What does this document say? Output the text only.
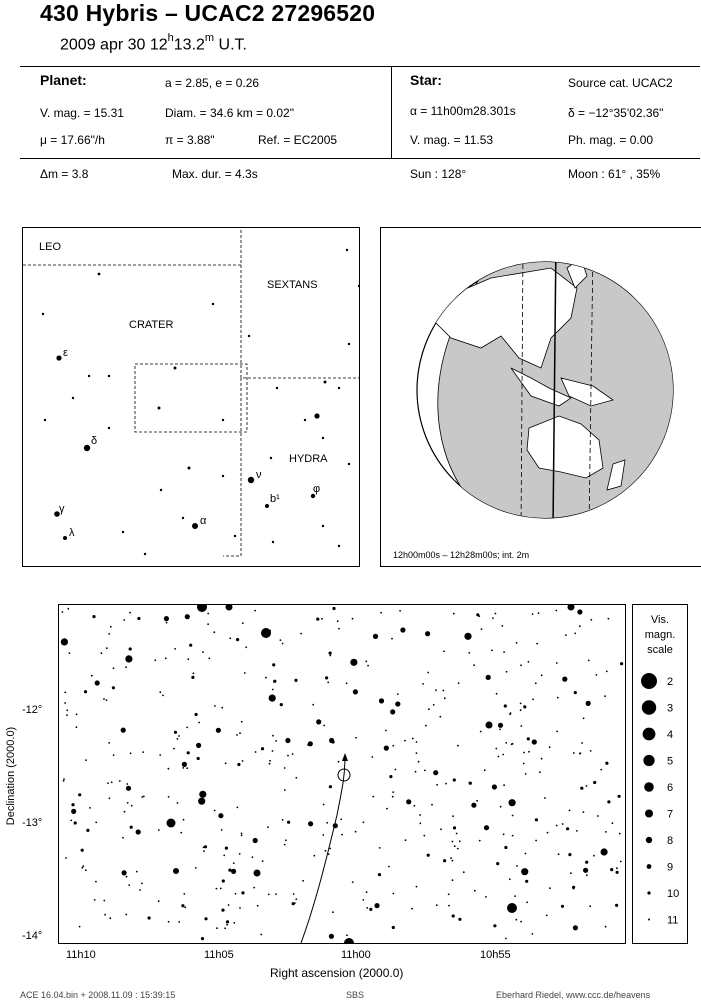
430 Hybris – UCAC2 27296520
2009 apr 30 12$^h$13.2$^m$ U.T.
Planet:	a = 2.85, e = 0.26
V. mag. = 15.31	Diam. = 34.6 km = 0.02"
μ = 17.66"/h	π = 3.88"	Ref. = EC2005
Δm = 3.8	Max. dur. = 4.3s
Star:	Source cat. UCAC2
α = 11h00m28.301s	δ = −12°35'02.36"
V. mag. = 11.53	Ph. mag. = 0.00
Sun : 128°	Moon : 61° , 35%
LEO
SEXTANS
CRATER
HYDRA
ε
δ
γ
λ
α
ν
b¹
φ
12h00m00s – 12h28m00s; int. 2m
Declination (2000.0)
-12°
-13°
-14°
11h10	11h05	11h00	10h55
Right ascension (2000.0)
Vis.
magn.
scale
2
3
4
5
6
7
8
9
10
11
ACE 16.04.bin + 2008.11.09 : 15:39:15	SBS	Eberhard Riedel, www.ccc.de/heavens
